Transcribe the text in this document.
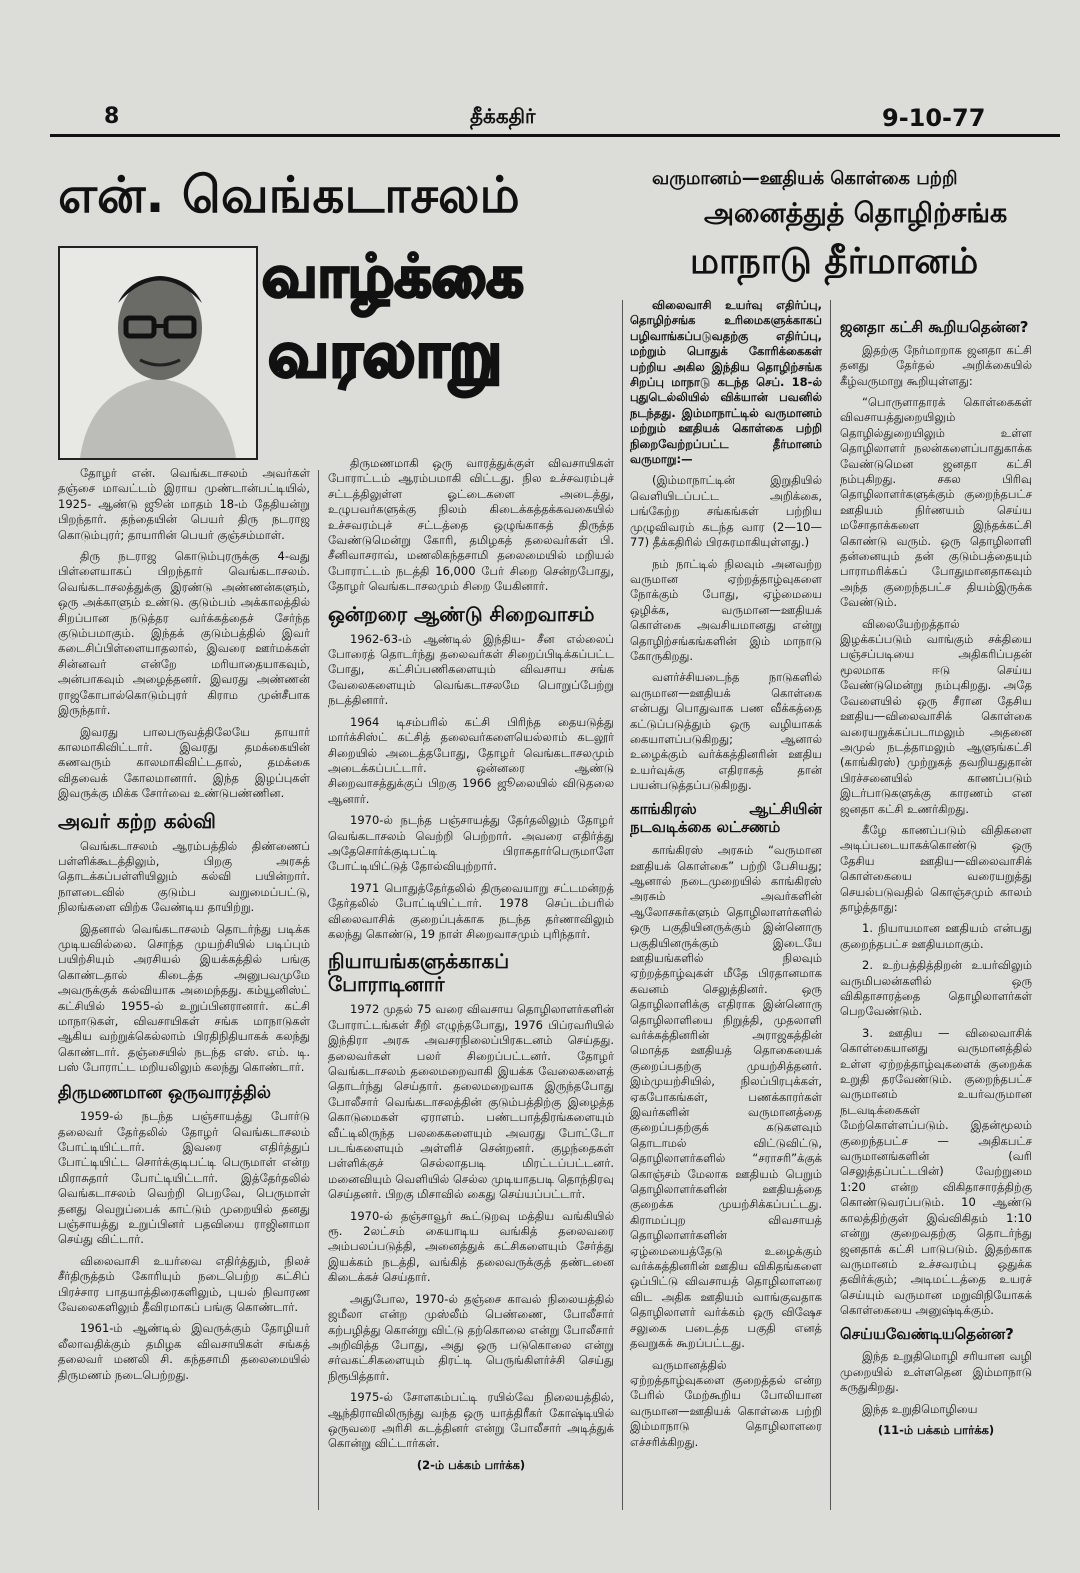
8	தீக்கதிர்	9-10-77
என். வெங்கடாசலம்
வாழ்க்கை
வரலாறு
வருமானம்—ஊதியக் கொள்கை பற்றி
அனைத்துத் தொழிற்சங்க
மாநாடு தீர்மானம்

தோழர் என். வெங்கடாசலம் அவர்கள் தஞ்சை மாவட்டம் இராய முண்டான்பட்டியில், 1925- ஆண்டு ஜூன் மாதம் 18-ம் தேதியன்று பிறந்தார். தந்தையின் பெயர் திரு நடராஜ கொடும்புரர்; தாயாரின் பெயர் குஞ்சம்மாள்.

திரு நடராஜ கொடும்புரருக்கு 4-வது பிள்ளையாகப் பிறந்தார் வெங்கடாசலம். வெங்கடாசலத்துக்கு இரண்டு அண்ணன்களும், ஒரு அக்காளும் உண்டு. குடும்பம் அக்காலத்தில் சிறப்பான நடுத்தர வர்க்கத்தைச் சேர்ந்த குடும்பமாகும். இந்தக் குடும்பத்தில் இவர் கடைசிப்பிள்ளையாதலால், இவரை ஊர்மக்கள் சின்னவர் என்றே மரியாதையாகவும், அன்பாகவும் அழைத்தனர். இவரது அண்ணன் ராஜகோபால்கொடும்புரர் கிராம முன்சீபாக இருந்தார்.

இவரது பாலபருவத்திலேயே தாயார் காலமாகிவிட்டார். இவரது தமக்கையின் கணவரும் காலமாகிவிட்டதால், தமக்கை விதவைக் கோலமானார். இந்த இழப்புகள் இவருக்கு மிக்க சோர்வை உண்டுபண்ணின.

அவர் கற்ற கல்வி

வெங்கடாசலம் ஆரம்பத்தில் திண்ணைப் பள்ளிக்கூடத்திலும், பிறகு அரசுத் தொடக்கப்பள்ளியிலும் கல்வி பயின்றார். நாளடைவில் குடும்ப வறுமைப்பட்டு, நிலங்களை விற்க வேண்டிய தாயிற்று.

இதனால் வெங்கடாசலம் தொடர்ந்து படிக்க முடியவில்லை. சொந்த முயற்சியில் படிப்பும் பயிற்சியும் அரசியல் இயக்கத்தில் பங்கு கொண்டதால் கிடைத்த அனுபவமுமே அவருக்குக் கல்வியாக அமைந்தது. கம்யூனிஸ்ட் கட்சியில் 1955-ல் உறுப்பினரானார். கட்சி மாநாடுகள், விவசாயிகள் சங்க மாநாடுகள் ஆகிய வற்றுக்கெல்லாம் பிரதிநிதியாகக் கலந்து கொண்டார். தஞ்சையில் நடந்த எஸ். எம். டி. பஸ் போராட்ட மறியலிலும் கலந்து கொண்டார்.

திருமணமான ஒருவாரத்தில்

1959-ல் நடந்த பஞ்சாயத்து போர்டு தலைவர் தேர்தலில் தோழர் வெங்கடாசலம் போட்டியிட்டார். இவரை எதிர்த்துப் போட்டியிட்ட சொர்க்குடிபட்டி பெருமாள் என்ற மிராசுதார் போட்டியிட்டார். இத்தேர்தலில் வெங்கடாசலம் வெற்றி பெறவே, பெருமாள் தனது வெறுப்பைக் காட்டும் முறையில் தனது பஞ்சாயத்து உறுப்பினர் பதவியை ராஜினாமா செய்து விட்டார்.

விலைவாசி உயர்வை எதிர்த்தும், நிலச் சீர்திருத்தம் கோரியும் நடைபெற்ற கட்சிப் பிரச்சார பாதயாத்திரைகளிலும், புயல் நிவாரண வேலைகளிலும் தீவிரமாகப் பங்கு கொண்டார்.

1961-ம் ஆண்டில் இவருக்கும் தோழியர் லீலாவதிக்கும் தமிழக விவசாயிகள் சங்கத் தலைவர் மணலி சி. கந்தசாமி தலைமையில் திருமணம் நடைபெற்றது.

திருமணமாகி ஒரு வாரத்துக்குள் விவசாயிகள் போராட்டம் ஆரம்பமாகி விட்டது. நில உச்சவரம்புச் சட்டத்திலுள்ள ஓட்டைகளை அடைத்து, உழுபவர்களுக்கு நிலம் கிடைக்கத்தக்கவகையில் உச்சவரம்புச் சட்டத்தை ஒழுங்காகத் திருத்த வேண்டுமென்று கோரி, தமிழகத் தலைவர்கள் பி. சீனிவாசராவ், மணலிகந்தசாமி தலைமையில் மறியல் போராட்டம் நடத்தி 16,000 பேர் சிறை சென்றபோது, தோழர் வெங்கடாசலமும் சிறை யேகினார்.

ஒன்றரை ஆண்டு சிறைவாசம்

1962-63-ம் ஆண்டில் இந்திய- சீன எல்லைப் போரைத் தொடர்ந்து தலைவர்கள் சிறைப்பிடிக்கப்பட்ட போது, கட்சிப்பணிகளையும் விவசாய சங்க வேலைகளையும் வெங்கடாசலமே பொறுப்பேற்று நடத்தினார்.

1964 டிசம்பரில் கட்சி பிரிந்த தையடுத்து மார்க்சிஸ்ட் கட்சித் தலைவர்களையெல்லாம் கடலூர் சிறையில் அடைத்தபோது, தோழர் வெங்கடாசலமும் அடைக்கப்பட்டார். ஒன்னரை ஆண்டு சிறைவாசத்துக்குப் பிறகு 1966 ஜூலையில் விடுதலை ஆனார்.

1970-ல் நடந்த பஞ்சாயத்து தேர்தலிலும் தோழர் வெங்கடாசலம் வெற்றி பெற்றார். அவரை எதிர்த்து அதேசொர்க்குடிபட்டி பிராசுதார்பெருமாளே போட்டியிட்டுத் தோல்வியுற்றார்.

1971 பொதுத்தேர்தலில் திருவையாறு சட்டமன்றத் தேர்தலில் போட்டியிட்டார். 1978 செப்டம்பரில் விலைவாசிக் குறைப்புக்காக நடந்த தர்ணாவிலும் கலந்து கொண்டு, 19 நாள் சிறைவாசமும் புரிந்தார்.

நியாயங்களுக்காகப் போராடினார்

1972 முதல் 75 வரை விவசாய தொழிலாளர்களின் போராட்டங்கள் சீறி எழுந்தபோது, 1976 பிப்ரவரியில் இந்திரா அரசு அவசரநிலைப்பிரகடனம் செய்தது. தலைவர்கள் பலர் சிறைப்பட்டனர். தோழர் வெங்கடாசலம் தலைமறைவாகி இயக்க வேலைகளைத் தொடர்ந்து செய்தார். தலைமறைவாக இருந்தபோது போலீசார் வெங்கடாசலத்தின் குடும்பத்திற்கு இழைத்த கொடுமைகள் ஏராளம். பண்டபாத்திரங்களையும் வீட்டிலிருந்த பலகைகளையும் அவரது போட்டோ படங்களையும் அள்ளிச் சென்றனர். குழந்தைகள் பள்ளிக்குச் செல்லாதபடி மிரட்டப்பட்டனர். மனைவியும் வெளியில் செல்ல முடியாதபடி தொந்திரவு செய்தனர். பிறகு மிசாவில் கைது செய்யப்பட்டார்.

1970-ல் தஞ்சாவூர் கூட்டுறவு மத்திய வங்கியில் ரூ. 2லட்சம் கையாடிய வங்கித் தலைவரை அம்பலப்படுத்தி, அனைத்துக் கட்சிகளையும் சேர்த்து இயக்கம் நடத்தி, வங்கித் தலைவருக்குத் தண்டனை கிடைக்கச் செய்தார்.

அதுபோல, 1970-ல் தஞ்சை காவல் நிலையத்தில் ஜமீலா என்ற முஸ்லீம் பெண்ணை, போலீசார் கற்பழித்து கொன்று விட்டு தற்கொலை என்று போலீசார் அறிவித்த போது, அது ஒரு படுகொலை என்று சர்வகட்சிகளையும் திரட்டி பெருங்கிளர்ச்சி செய்து நிரூபித்தார்.

1975-ல் சோளகம்பட்டி ரயில்வே நிலையத்தில், ஆந்திராவிலிருந்து வந்த ஒரு யாத்திரீகர் கோஷ்டியில் ஒருவரை அரிசி கடத்தினர் என்று போலீசார் அடித்துக் கொன்று விட்டார்கள்.

(2-ம் பக்கம் பார்க்க)

விலைவாசி உயர்வு எதிர்ப்பு, தொழிற்சங்க உரிமைகளுக்காகப் பழிவாங்கப்படுவதற்கு எதிர்ப்பு, மற்றும் பொதுக் கோரிக்கைகள் பற்றிய அகில இந்திய தொழிற்சங்க சிறப்பு மாநாடு கடந்த செப். 18-ல் புதுடெல்லியில் விக்யான் பவனில் நடந்தது. இம்மாநாட்டில் வருமானம் மற்றும் ஊதியக் கொள்கை பற்றி நிறைவேற்றப்பட்ட தீர்மானம் வருமாறு:—

(இம்மாநாட்டின் இறுதியில் வெளியிடப்பட்ட அறிக்கை, பங்கேற்ற சங்கங்கள் பற்றிய முழுவிவரம் கடந்த வார (2—10—77) தீக்கதிரில் பிரசுரமாகியுள்ளது.)

நம் நாட்டில் நிலவும் அனவற்ற வருமான ஏற்றத்தாழ்வுகளை நோக்கும் போது, ஏழ்மையை ஒழிக்க, வருமான—ஊதியக் கொள்கை அவசியமானது என்று தொழிற்சங்கங்களின் இம் மாநாடு கோருகிறது.

வளர்ச்சியடைந்த நாடுகளில் வருமான—ஊதியக் கொள்கை என்பது பொதுவாக பண வீக்கத்தை கட்டுப்படுத்தும் ஒரு வழியாகக் கையாளப்படுகிறது; ஆனால் உழைக்கும் வர்க்கத்தினரின் ஊதிய உயர்வுக்கு எதிராகத் தான் பயன்படுத்தப்படுகிறது.

காங்கிரஸ் ஆட்சியின் நடவடிக்கை லட்சணம்

காங்கிரஸ் அரசும் “வருமான ஊதியக் கொள்கை” பற்றி பேசியது; ஆனால் நடைமுறையில் காங்கிரஸ் அரசும் அவர்களின் ஆலோசகர்களும் தொழிலாளர்களில் ஒரு பகுதியினருக்கும் இன்னொரு பகுதியினருக்கும் இடையே ஊதியங்களில் நிலவும் ஏற்றத்தாழ்வுகள் மீதே பிரதானமாக கவனம் செலுத்தினர். ஒரு தொழிலாளிக்கு எதிராக இன்னொரு தொழிலாளியை நிறுத்தி, முதலாளி வர்க்கத்தினரின் அராஜகத்தின் மொத்த ஊதியத் தொகையைக் குறைப்பதற்கு முயற்சித்தனர். இம்முயற்சியில், நிலப்பிரபுக்கள், ஏகபோகங்கள், பணக்காரர்கள் இவர்களின் வருமானத்தை குறைப்பதற்குக் கடுகளவும் தொடாமல் விட்டுவிட்டு, தொழிலாளர்களில் “சராசரி”க்குக் கொஞ்சம் மேலாக ஊதியம் பெறும் தொழிலாளர்களின் ஊதியத்தை குறைக்க முயற்சிக்கப்பட்டது. கிராமப்புற விவசாயத் தொழிலாளர்களின் ஏழ்மையைத்தேடு உழைக்கும் வர்க்கத்தினரின் ஊதிய விகிதங்களை ஒப்பிட்டு விவசாயத் தொழிலாளரை விட அதிக ஊதியம் வாங்குவதாக தொழிலாளர் வர்க்கம் ஒரு விஷேச சலுகை படைத்த பகுதி எனத் தவறுகக் கூறப்பட்டது.

வருமானத்தில் ஏற்றத்தாழ்வுகளை குறைத்தல் என்ற பேரில் மேற்கூறிய போலியான வருமான—ஊதியக் கொள்கை பற்றி இம்மாநாடு தொழிலாளரை எச்சரிக்கிறது.

ஜனதா கட்சி கூறியதென்ன?

இதற்கு நேர்மாறாக ஜனதா கட்சி தனது தேர்தல் அறிக்கையில் கீழ்வருமாறு கூறியுள்ளது:

“பொருளாதாரக் கொள்கைகள் விவசாயத்துறையிலும் தொழில்துறையிலும் உள்ள தொழிலாளர் நலன்களைப்பாதுகாக்க வேண்டுமென ஜனதா கட்சி நம்புகிறது. சகல பிரிவு தொழிலாளர்களுக்கும் குறைந்தபட்ச ஊதியம் நிர்ணயம் செய்ய மசோதாக்களை இந்தக்கட்சி கொண்டு வரும். ஒரு தொழிலாளி தன்னையும் தன் குடும்பத்தையும் பாராமரிக்கப் போதுமானதாகவும் அந்த குறைந்தபட்ச தியம்இருக்க வேண்டும்.

விலையேற்றத்தால் இழக்கப்படும் வாங்கும் சக்தியை பஞ்சப்படியை அதிகரிப்பதன் மூலமாக ஈடு செய்ய வேண்டுமென்று நம்புகிறது. அதே வேளையில் ஒரு சீரான தேசிய ஊதிய—விலைவாசிக் கொள்கை வரையறுக்கப்படாமலும் அதனை அமுல் நடத்தாமலும் ஆளுங்கட்சி (காங்கிரஸ்) முற்றுகத் தவறியதுதான் பிரச்சனையில் காணப்படும் இடர்பாடுகளுக்கு காரணம் என ஜனதா கட்சி உணர்கிறது.

கீழே காணப்படும் விதிகளை அடிப்படையாகக்கொண்டு ஒரு தேசிய ஊதிய—விலைவாசிக் கொள்கையை வரையறுத்து செயல்படுவதில் கொஞ்சமும் காலம் தாழ்த்தாது:

1. நியாயமான ஊதியம் என்பது குறைந்தபட்ச ஊதியமாகும்.

2. உற்பத்தித்திறன் உயர்விலும் வருமிபலன்களில் ஒரு விகிதாசாரத்தை தொழிலாளர்கள் பெறவேண்டும்.

3. ஊதிய — விலைவாசிக் கொள்கையானது வருமானத்தில் உள்ள ஏற்றத்தாழ்வுகளைக் குறைக்க உறுதி தரவேண்டும். குறைந்தபட்ச வருமானம் உயர்வருமான நடவடிக்கைகள் மேற்கொள்ளப்படும். இதன்மூலம் குறைந்தபட்ச — அதிகபட்ச வருமானங்களின் (வரி செலுத்தப்பட்டபின்) வேற்றுமை 1:20 என்ற விகிதாசாரத்திற்கு கொண்டுவரப்படும். 10 ஆண்டு காலத்திற்குள் இவ்விகிதம் 1:10 என்று குறைவதற்கு தொடர்ந்து ஜனதாக் கட்சி பாடுபடும். இதற்காக வருமானம் உச்சவரம்பு ஒதுக்க தவிர்க்கும்; அடிமட்டத்தை உயரச் செய்யும் வருமான மறுவிநியோகக் கொள்கையை அனுஷ்டிக்கும்.

செய்யவேண்டியதென்ன?

இந்த உறுதிமொழி சரியான வழி முறையில் உள்ளதென இம்மாநாடு கருதுகிறது.

இந்த உறுதிமொழியை

(11-ம் பக்கம் பார்க்க)
